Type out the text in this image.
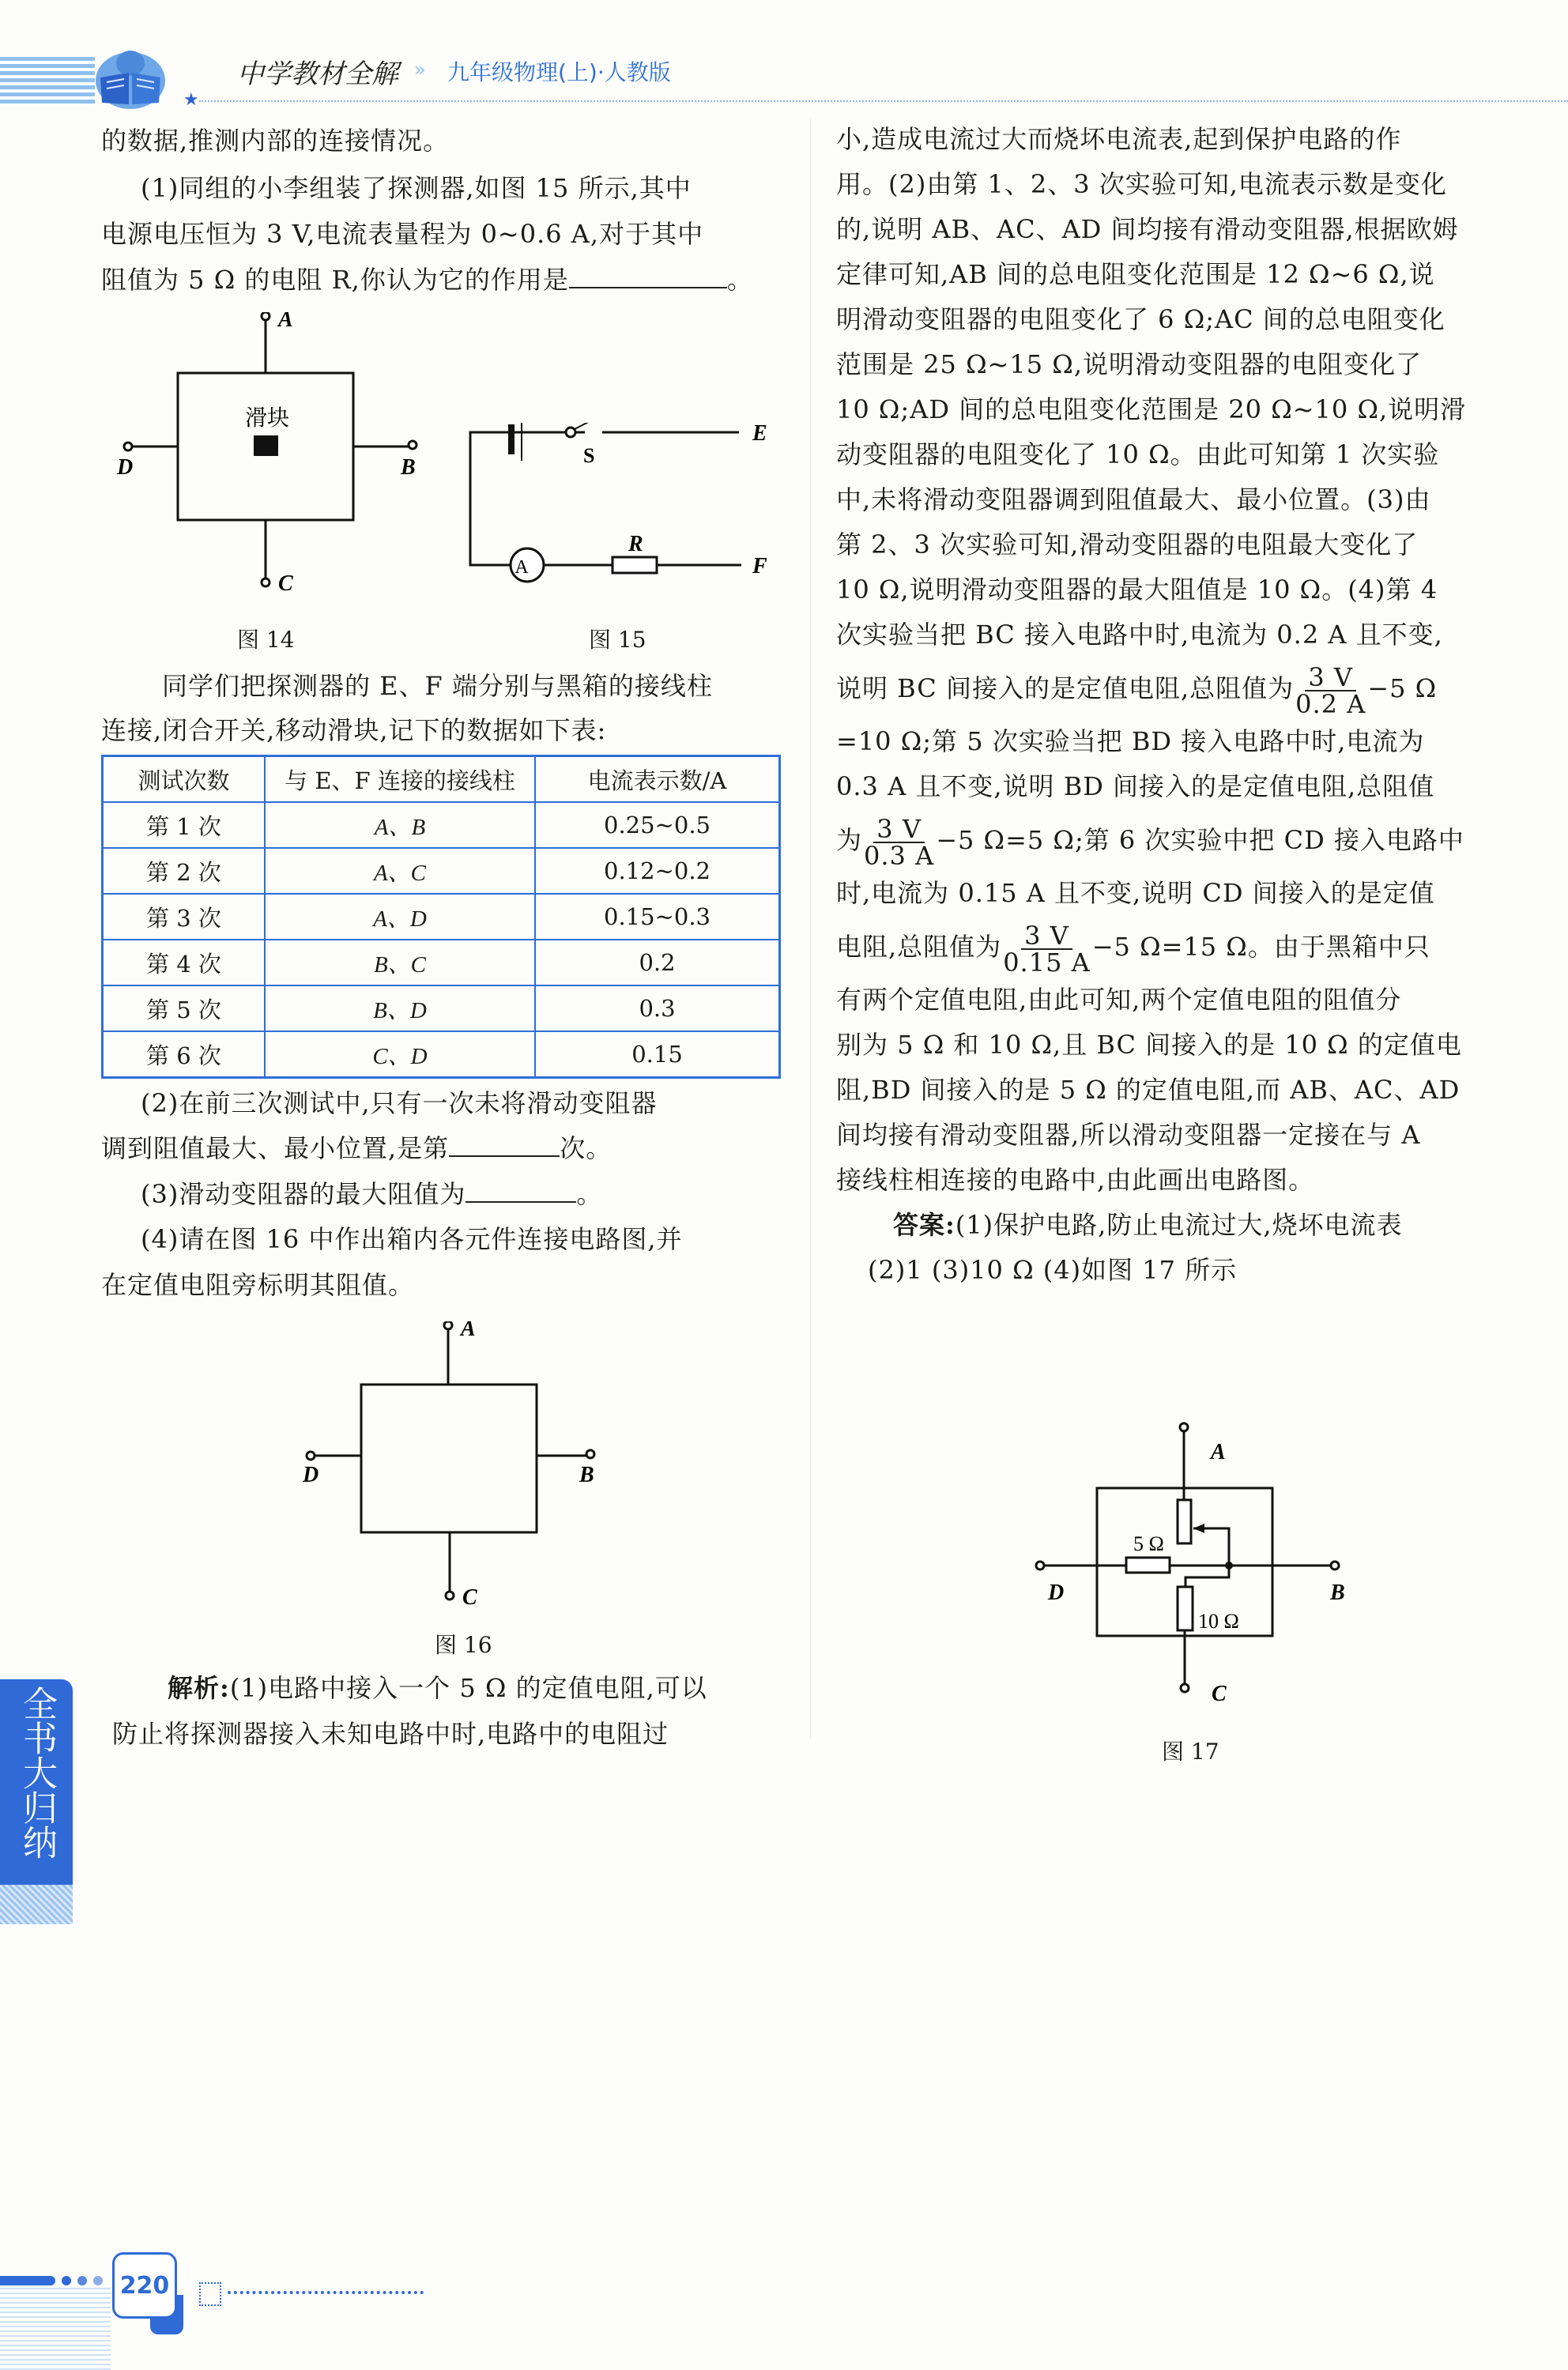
★
中学教材全解 » 九年级物理(上)·人教版
的数据,推测内部的连接情况。
(1)同组的小李组装了探测器,如图 15 所示,其中
电源电压恒为 3 V,电流表量程为 0~0.6 A,对于其中
阻值为 5 Ω 的电阻 R,你认为它的作用是	。
滑块
A
B
C
D
图 14
A
S
R
E
F
图 15
同学们把探测器的 E、F 端分别与黑箱的接线柱
连接,闭合开关,移动滑块,记下的数据如下表:
测试次数	与 E、F 连接的接线柱	电流表示数/A
第 1 次	A、B	0.25~0.5
第 2 次	A、C	0.12~0.2
第 3 次	A、D	0.15~0.3
第 4 次	B、C	0.2
第 5 次	B、D	0.3
第 6 次	C、D	0.15
(2)在前三次测试中,只有一次未将滑动变阻器
调到阻值最大、最小位置,是第	次。
(3)滑动变阻器的最大阻值为	。
(4)请在图 16 中作出箱内各元件连接电路图,并
在定值电阻旁标明其阻值。
A
B
C
D
图 16
解析:(1)电路中接入一个 5 Ω 的定值电阻,可以
防止将探测器接入未知电路中时,电路中的电阻过
小,造成电流过大而烧坏电流表,起到保护电路的作
用。(2)由第 1、2、3 次实验可知,电流表示数是变化
的,说明 AB、AC、AD 间均接有滑动变阻器,根据欧姆
定律可知,AB 间的总电阻变化范围是 12 Ω~6 Ω,说
明滑动变阻器的电阻变化了 6 Ω;AC 间的总电阻变化
范围是 25 Ω~15 Ω,说明滑动变阻器的电阻变化了
10 Ω;AD 间的总电阻变化范围是 20 Ω~10 Ω,说明滑
动变阻器的电阻变化了 10 Ω。由此可知第 1 次实验
中,未将滑动变阻器调到阻值最大、最小位置。(3)由
第 2、3 次实验可知,滑动变阻器的电阻最大变化了
10 Ω,说明滑动变阻器的最大阻值是 10 Ω。(4)第 4
次实验当把 BC 接入电路中时,电流为 0.2 A 且不变,
说明 BC 间接入的是定值电阻,总阻值为 $\frac{3 V}{0.2 A} -5$ Ω
=10 Ω;第 5 次实验当把 BD 接入电路中时,电流为
0.3 A 且不变,说明 BD 间接入的是定值电阻,总阻值
为 $\frac{3 V}{0.3 A} -5$ Ω=5 Ω;第 6 次实验中把 CD 接入电路中
时,电流为 0.15 A 且不变,说明 CD 间接入的是定值
电阻,总阻值为 $\frac{3 V}{0.15 A} -5$ Ω=15 Ω。由于黑箱中只
有两个定值电阻,由此可知,两个定值电阻的阻值分
别为 5 Ω 和 10 Ω,且 BC 间接入的是 10 Ω 的定值电
阻,BD 间接入的是 5 Ω 的定值电阻,而 AB、AC、AD
间均接有滑动变阻器,所以滑动变阻器一定接在与 A
接线柱相连接的电路中,由此画出电路图。
答案:(1)保护电路,防止电流过大,烧坏电流表
(2)1 (3)10 Ω (4)如图 17 所示
5 Ω
10 Ω
A
B
C
D
图 17
全书大归纳
220
